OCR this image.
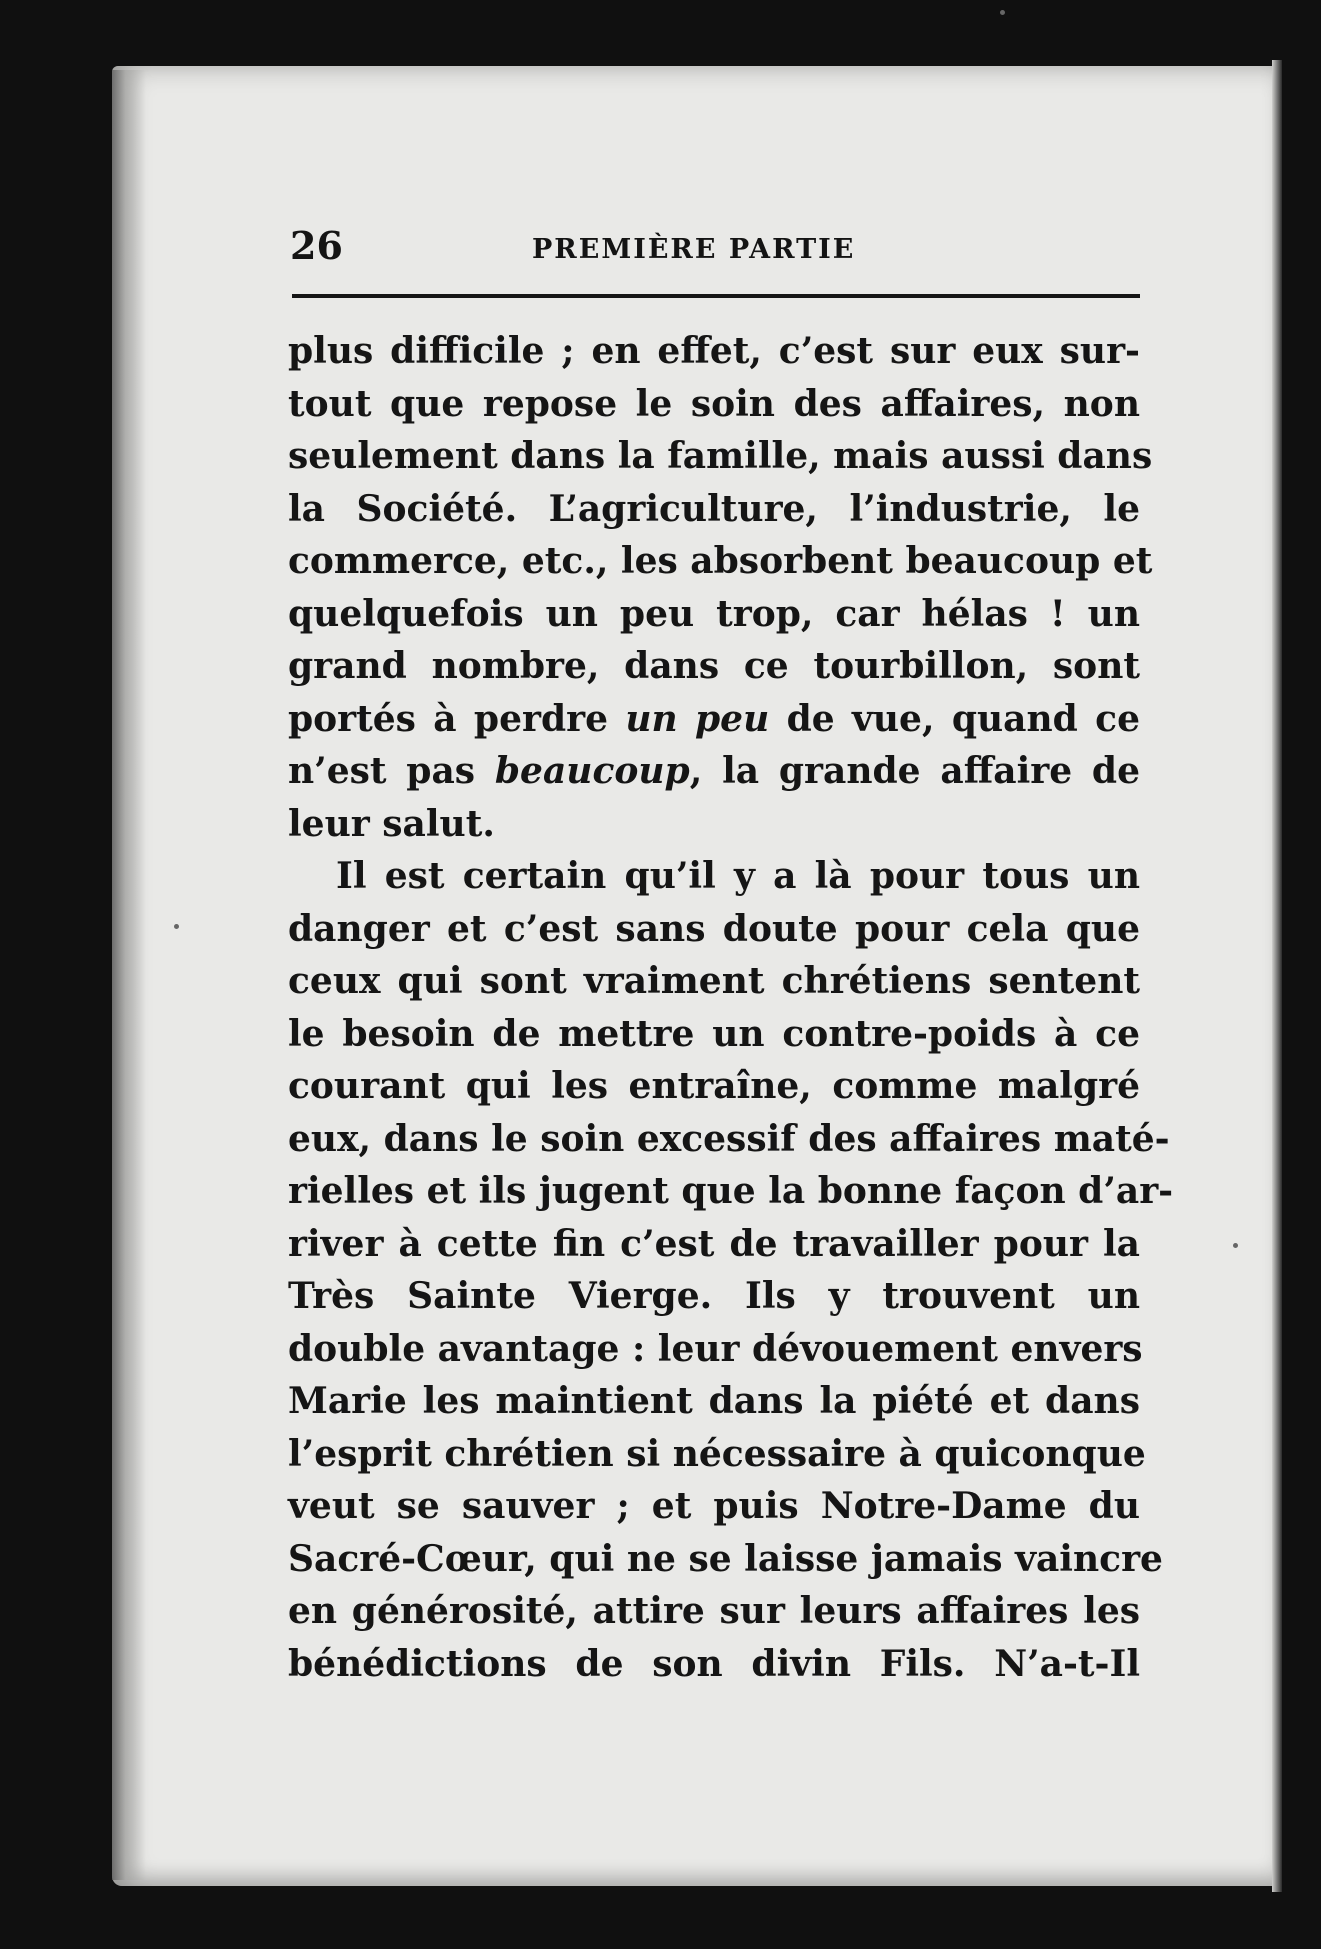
26	PREMIÈRE PARTIE
plus difficile ; en effet, c’est sur eux sur-
tout que repose le soin des affaires, non
seulement dans la famille, mais aussi dans
la Société. L’agriculture, l’industrie, le
commerce, etc., les absorbent beaucoup et
quelquefois un peu trop, car hélas ! un
grand nombre, dans ce tourbillon, sont
portés à perdre un peu de vue, quand ce
n’est pas beaucoup, la grande affaire de
leur salut.
Il est certain qu’il y a là pour tous un
danger et c’est sans doute pour cela que
ceux qui sont vraiment chrétiens sentent
le besoin de mettre un contre-poids à ce
courant qui les entraîne, comme malgré
eux, dans le soin excessif des affaires maté-
rielles et ils jugent que la bonne façon d’ar-
river à cette fin c’est de travailler pour la
Très Sainte Vierge. Ils y trouvent un
double avantage : leur dévouement envers
Marie les maintient dans la piété et dans
l’esprit chrétien si nécessaire à quiconque
veut se sauver ; et puis Notre-Dame du
Sacré-Cœur, qui ne se laisse jamais vaincre
en générosité, attire sur leurs affaires les
bénédictions de son divin Fils. N’a-t-Il
